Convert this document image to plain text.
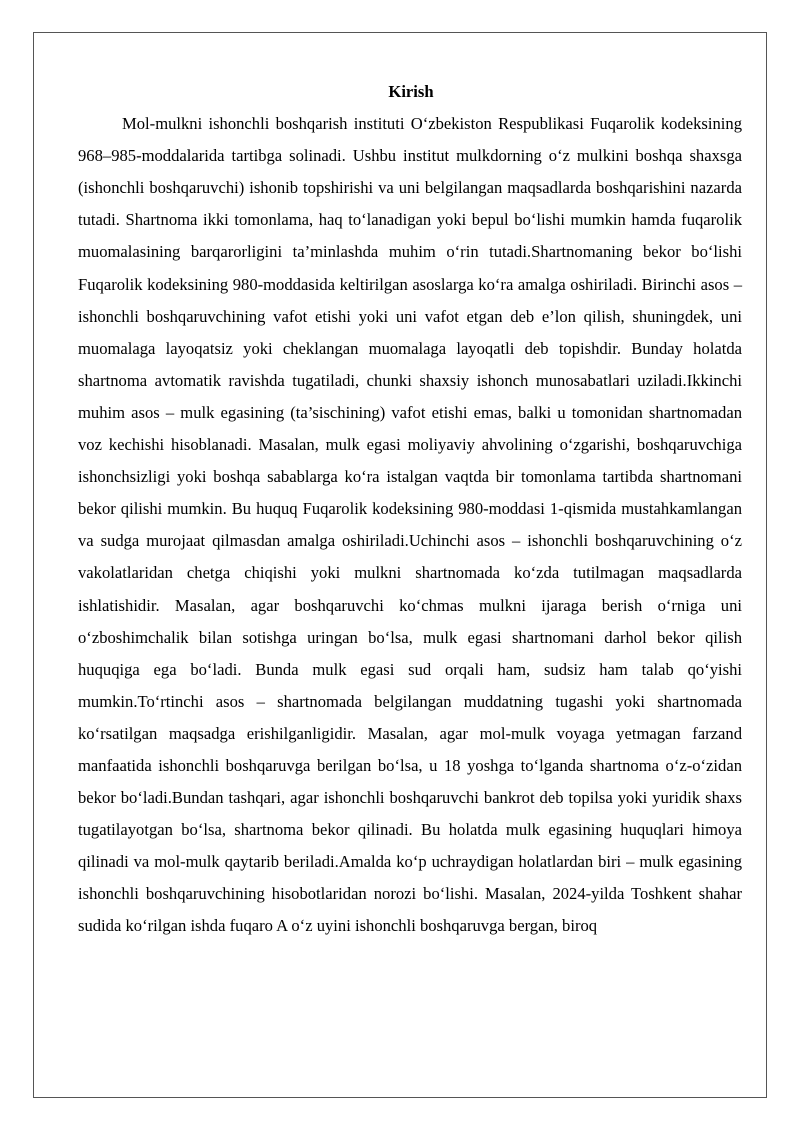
Kirish

Mol-mulkni ishonchli boshqarish instituti O‘zbekiston Respublikasi Fuqarolik kodeksining 968–985-moddalarida tartibga solinadi. Ushbu institut mulkdorning o‘z mulkini boshqa shaxsga (ishonchli boshqaruvchi) ishonib topshirishi va uni belgilangan maqsadlarda boshqarishini nazarda tutadi. Shartnoma ikki tomonlama, haq to‘lanadigan yoki bepul bo‘lishi mumkin hamda fuqarolik muomalasining barqarorligini ta’minlashda muhim o‘rin tutadi.Shartnomaning bekor bo‘lishi Fuqarolik kodeksining 980-moddasida keltirilgan asoslarga ko‘ra amalga oshiriladi. Birinchi asos – ishonchli boshqaruvchining vafot etishi yoki uni vafot etgan deb e’lon qilish, shuningdek, uni muomalaga layoqatsiz yoki cheklangan muomalaga layoqatli deb topishdir. Bunday holatda shartnoma avtomatik ravishda tugatiladi, chunki shaxsiy ishonch munosabatlari uziladi.Ikkinchi muhim asos – mulk egasining (ta’sischining) vafot etishi emas, balki u tomonidan shartnomadan voz kechishi hisoblanadi. Masalan, mulk egasi moliyaviy ahvolining o‘zgarishi, boshqaruvchiga ishonchsizligi yoki boshqa sabablarga ko‘ra istalgan vaqtda bir tomonlama tartibda shartnomani bekor qilishi mumkin. Bu huquq Fuqarolik kodeksining 980-moddasi 1-qismida mustahkamlangan va sudga murojaat qilmasdan amalga oshiriladi.Uchinchi asos – ishonchli boshqaruvchining o‘z vakolatlaridan chetga chiqishi yoki mulkni shartnomada ko‘zda tutilmagan maqsadlarda ishlatishidir. Masalan, agar boshqaruvchi ko‘chmas mulkni ijaraga berish o‘rniga uni o‘zboshimchalik bilan sotishga uringan bo‘lsa, mulk egasi shartnomani darhol bekor qilish huquqiga ega bo‘ladi. Bunda mulk egasi sud orqali ham, sudsiz ham talab qo‘yishi mumkin.To‘rtinchi asos – shartnomada belgilangan muddatning tugashi yoki shartnomada ko‘rsatilgan maqsadga erishilganligidir. Masalan, agar mol-mulk voyaga yetmagan farzand manfaatida ishonchli boshqaruvga berilgan bo‘lsa, u 18 yoshga to‘lganda shartnoma o‘z-o‘zidan bekor bo‘ladi.Bundan tashqari, agar ishonchli boshqaruvchi bankrot deb topilsa yoki yuridik shaxs tugatilayotgan bo‘lsa, shartnoma bekor qilinadi. Bu holatda mulk egasining huquqlari himoya qilinadi va mol-mulk qaytarib beriladi.Amalda ko‘p uchraydigan holatlardan biri – mulk egasining ishonchli boshqaruvchining hisobotlaridan norozi bo‘lishi. Masalan, 2024-yilda Toshkent shahar sudida ko‘rilgan ishda fuqaro A o‘z uyini ishonchli boshqaruvga bergan, biroq
